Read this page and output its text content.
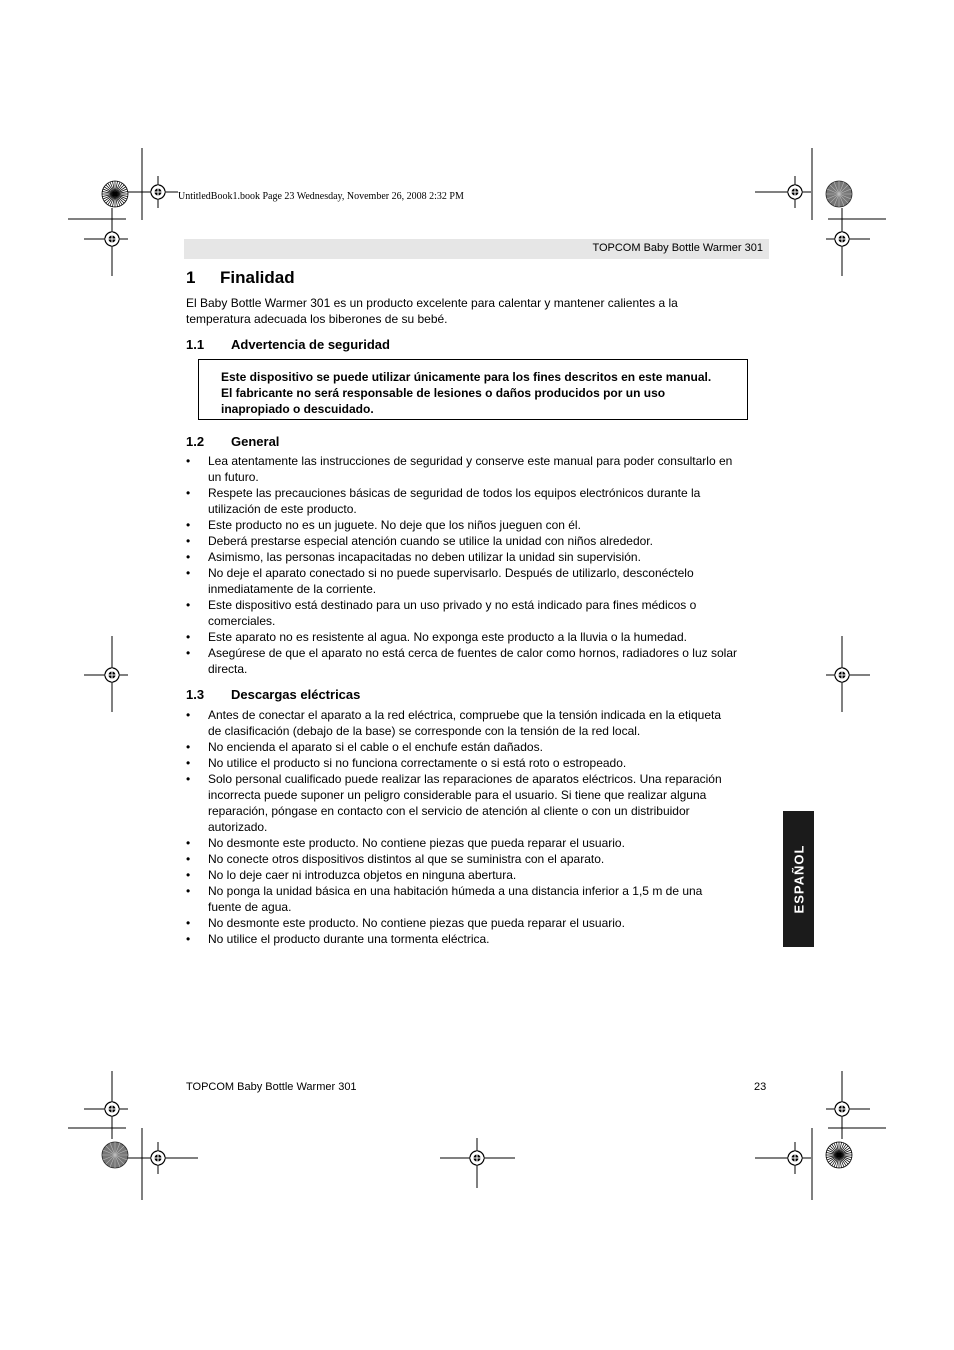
UntitledBook1.book Page 23 Wednesday, November 26, 2008 2:32 PM
TOPCOM Baby Bottle Warmer 301
1 Finalidad
El Baby Bottle Warmer 301 es un producto excelente para calentar y mantener calientes a la
temperatura adecuada los biberones de su bebé.
1.1 Advertencia de seguridad
Este dispositivo se puede utilizar únicamente para los fines descritos en este manual.
El fabricante no será responsable de lesiones o daños producidos por un uso
inapropiado o descuidado.
1.2 General
• Lea atentamente las instrucciones de seguridad y conserve este manual para poder consultarlo en
un futuro.
• Respete las precauciones básicas de seguridad de todos los equipos electrónicos durante la
utilización de este producto.
• Este producto no es un juguete. No deje que los niños jueguen con él.
• Deberá prestarse especial atención cuando se utilice la unidad con niños alrededor.
• Asimismo, las personas incapacitadas no deben utilizar la unidad sin supervisión.
• No deje el aparato conectado si no puede supervisarlo. Después de utilizarlo, desconéctelo
inmediatamente de la corriente.
• Este dispositivo está destinado para un uso privado y no está indicado para fines médicos o
comerciales.
• Este aparato no es resistente al agua. No exponga este producto a la lluvia o la humedad.
• Asegúrese de que el aparato no está cerca de fuentes de calor como hornos, radiadores o luz solar
directa.
1.3 Descargas eléctricas
• Antes de conectar el aparato a la red eléctrica, compruebe que la tensión indicada en la etiqueta
de clasificación (debajo de la base) se corresponde con la tensión de la red local.
• No encienda el aparato si el cable o el enchufe están dañados.
• No utilice el producto si no funciona correctamente o si está roto o estropeado.
• Solo personal cualificado puede realizar las reparaciones de aparatos eléctricos. Una reparación
incorrecta puede suponer un peligro considerable para el usuario. Si tiene que realizar alguna
reparación, póngase en contacto con el servicio de atención al cliente o con un distribuidor
autorizado.
• No desmonte este producto. No contiene piezas que pueda reparar el usuario.
• No conecte otros dispositivos distintos al que se suministra con el aparato.
• No lo deje caer ni introduzca objetos en ninguna abertura.
• No ponga la unidad básica en una habitación húmeda a una distancia inferior a 1,5 m de una
fuente de agua.
• No desmonte este producto. No contiene piezas que pueda reparar el usuario.
• No utilice el producto durante una tormenta eléctrica.
ESPAÑOL
TOPCOM Baby Bottle Warmer 301	23
